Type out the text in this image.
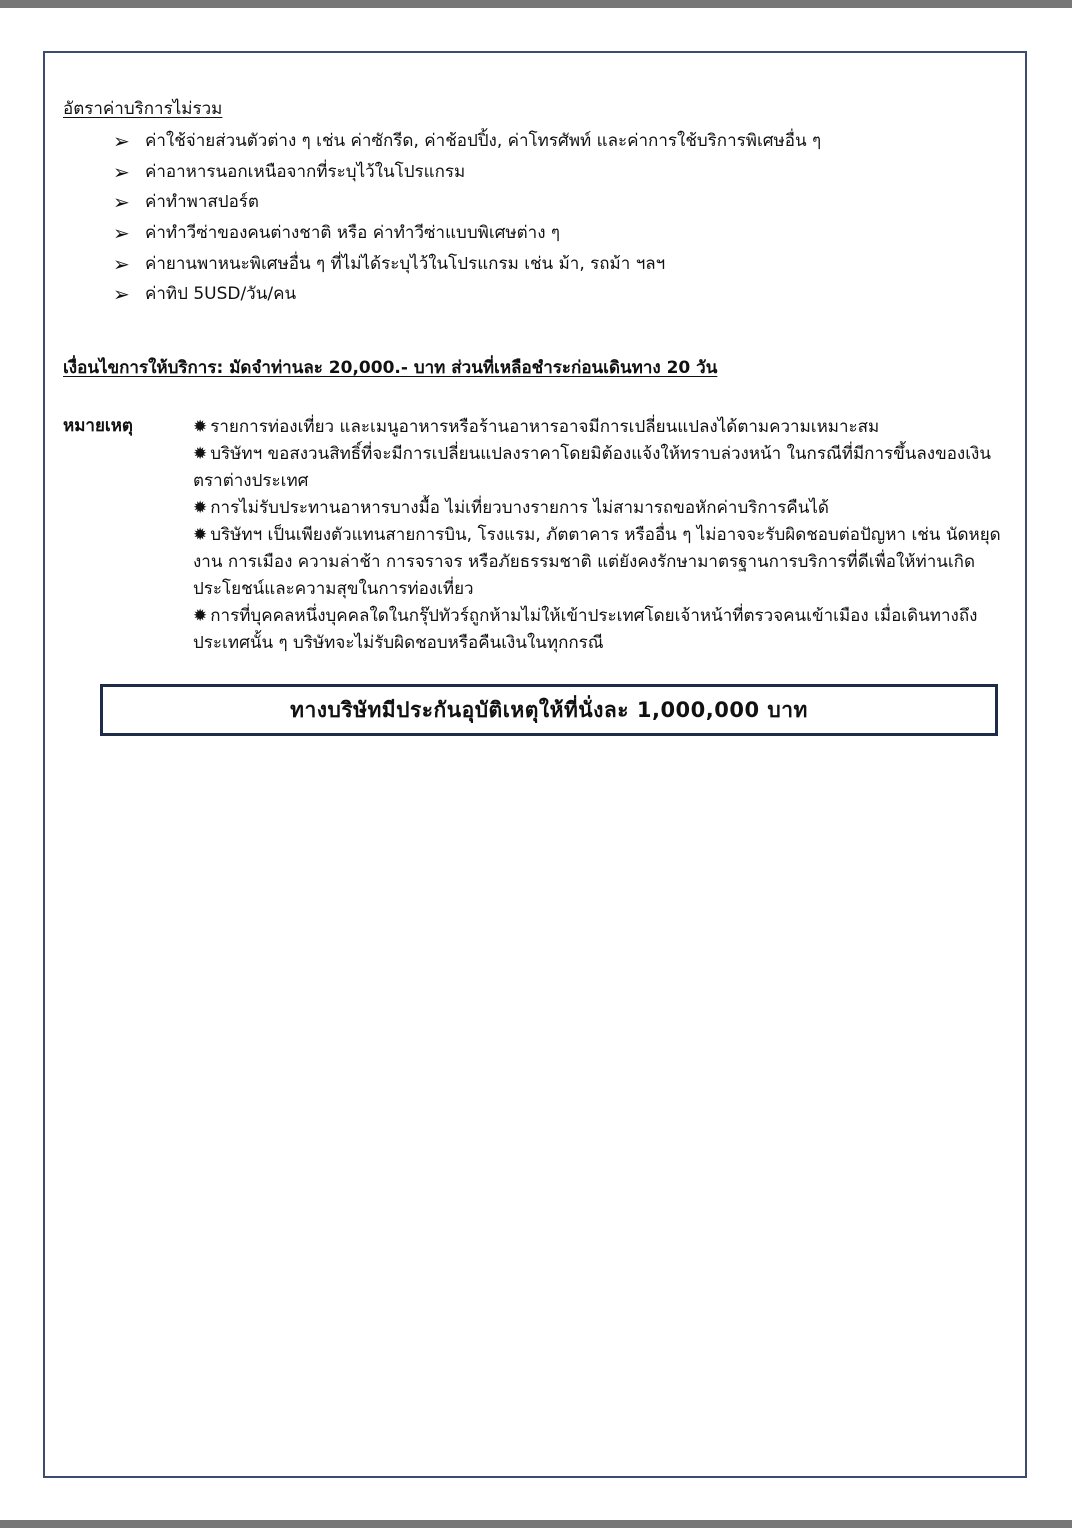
อัตราค่าบริการไม่รวม
➢ ค่าใช้จ่ายส่วนตัวต่าง ๆ เช่น ค่าซักรีด, ค่าช้อปปิ้ง, ค่าโทรศัพท์ และค่าการใช้บริการพิเศษอื่น ๆ
➢ ค่าอาหารนอกเหนือจากที่ระบุไว้ในโปรแกรม
➢ ค่าทำพาสปอร์ต
➢ ค่าทำวีซ่าของคนต่างชาติ หรือ ค่าทำวีซ่าแบบพิเศษต่าง ๆ
➢ ค่ายานพาหนะพิเศษอื่น ๆ ที่ไม่ได้ระบุไว้ในโปรแกรม เช่น ม้า, รถม้า ฯลฯ
➢ ค่าทิป 5USD/วัน/คน
เงื่อนไขการให้บริการ: มัดจำท่านละ 20,000.- บาท ส่วนที่เหลือชำระก่อนเดินทาง 20 วัน
หมายเหตุ	✹ รายการท่องเที่ยว และเมนูอาหารหรือร้านอาหารอาจมีการเปลี่ยนแปลงได้ตามความเหมาะสม

✹ บริษัทฯ ขอสงวนสิทธิ์ที่จะมีการเปลี่ยนแปลงราคาโดยมิต้องแจ้งให้ทราบล่วงหน้า ในกรณีที่มีการขึ้นลงของเงินตราต่างประเทศ

✹ การไม่รับประทานอาหารบางมื้อ ไม่เที่ยวบางรายการ ไม่สามารถขอหักค่าบริการคืนได้

✹ บริษัทฯ เป็นเพียงตัวแทนสายการบิน, โรงแรม, ภัตตาคาร หรืออื่น ๆ ไม่อาจจะรับผิดชอบต่อปัญหา เช่น นัดหยุดงาน การเมือง ความล่าช้า การจราจร หรือภัยธรรมชาติ แต่ยังคงรักษามาตรฐานการบริการที่ดีเพื่อให้ท่านเกิดประโยชน์และความสุขในการท่องเที่ยว

✹ การที่บุคคลหนึ่งบุคคลใดในกรุ๊ปทัวร์ถูกห้ามไม่ให้เข้าประเทศโดยเจ้าหน้าที่ตรวจคนเข้าเมือง เมื่อเดินทางถึงประเทศนั้น ๆ บริษัทจะไม่รับผิดชอบหรือคืนเงินในทุกกรณี

ทางบริษัทมีประกันอุบัติเหตุให้ที่นั่งละ 1,000,000 บาท
